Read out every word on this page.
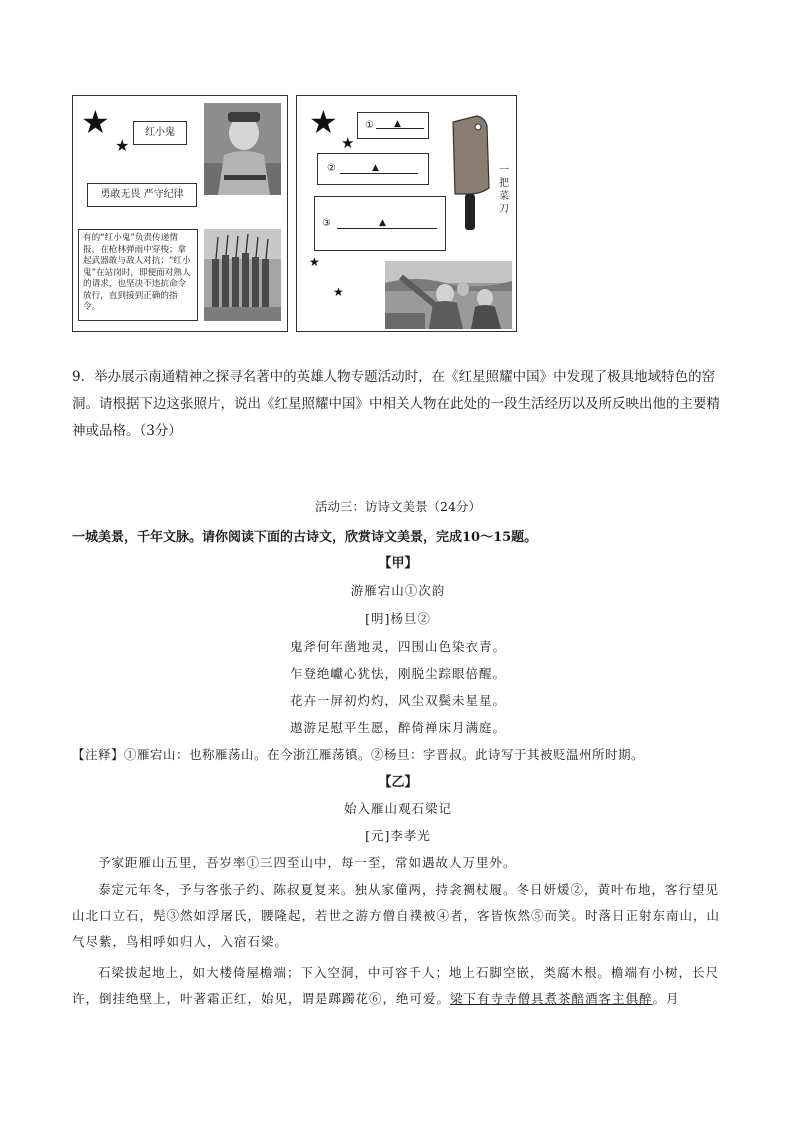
★
★
红小鬼
勇敢无畏 严守纪律
有的“红小鬼”负责传递情报，在枪林弹雨中穿梭；拿起武器敢与敌人对抗；“红小鬼”在站岗时，即便面对熟人的请求，也坚决不违抗命令放行，直到接到正确的指令。
★
★
① ▲
②	▲
③	▲
一把菜刀
★
★
9．举办展示南通精神之探寻名著中的英雄人物专题活动时，在《红星照耀中国》中发现了极具地域特色的窑洞。请根据下边这张照片，说出《红星照耀中国》中相关人物在此处的一段生活经历以及所反映出他的主要精神或品格。（3分）
活动三：访诗文美景（24分）
一城美景，千年文脉。请你阅读下面的古诗文，欣赏诗文美景，完成10～15题。
【甲】
游雁宕山①次韵
[明]杨旦②
鬼斧何年凿地灵，四围山色染衣青。
乍登绝巘心犹怯，刚脱尘踪眼倍醒。
花卉一屏初灼灼，风尘双鬓未星星。
遨游足慰平生愿，醉倚禅床月满庭。
【注释】①雁宕山：也称雁荡山。在今浙江雁荡镇。②杨旦：字晋叔。此诗写于其被贬温州所时期。
【乙】
始入雁山观石梁记
[元]李孝光
予家距雁山五里，吾岁率①三四至山中，每一至，常如遇故人万里外。
泰定元年冬，予与客张子约、陈叔夏复来。独从家僮两，持衾裯杖履。冬日妍煖②，黄叶布地，客行望见山北口立石，髡③然如浮屠氏，腰隆起，若世之游方僧自襆被④者，客皆恢然⑤而笑。时落日正射东南山，山气尽紫，鸟相呼如归人，入宿石梁。
石梁拔起地上，如大楼倚屋檐端；下入空洞，中可容千人；地上石脚空嵌，类腐木根。檐端有小树，长尺许，倒挂绝壁上，叶著霜正红，始见，谓是踯躅花⑥，绝可爱。梁下有寺寺僧具煮茶醅酒客主俱醉。月
